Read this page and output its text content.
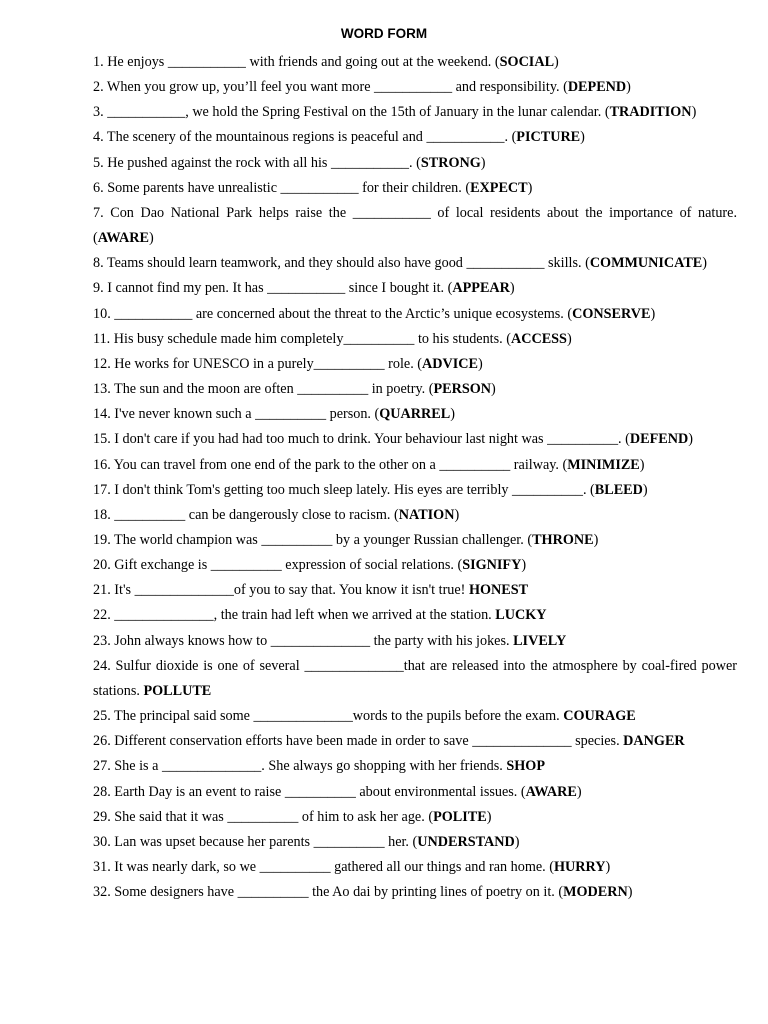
WORD FORM
1. He enjoys ___________ with friends and going out at the weekend. (SOCIAL)
2. When you grow up, you’ll feel you want more ___________ and responsibility. (DEPEND)
3. ___________, we hold the Spring Festival on the 15th of January in the lunar calendar. (TRADITION)
4. The scenery of the mountainous regions is peaceful and ___________. (PICTURE)
5. He pushed against the rock with all his ___________. (STRONG)
6. Some parents have unrealistic ___________ for their children. (EXPECT)
7. Con Dao National Park helps raise the ___________ of local residents about the importance of nature. (AWARE)
8. Teams should learn teamwork, and they should also have good ___________ skills. (COMMUNICATE)
9. I cannot find my pen. It has ___________ since I bought it. (APPEAR)
10. ___________ are concerned about the threat to the Arctic’s unique ecosystems. (CONSERVE)
11. His busy schedule made him completely__________ to his students. (ACCESS)
12. He works for UNESCO in a purely__________ role. (ADVICE)
13. The sun and the moon are often __________ in poetry. (PERSON)
14. I've never known such a __________ person. (QUARREL)
15. I don't care if you had had too much to drink. Your behaviour last night was __________. (DEFEND)
16. You can travel from one end of the park to the other on a __________ railway. (MINIMIZE)
17. I don't think Tom's getting too much sleep lately. His eyes are terribly __________. (BLEED)
18. __________ can be dangerously close to racism. (NATION)
19. The world champion was __________ by a younger Russian challenger. (THRONE)
20. Gift exchange is __________ expression of social relations. (SIGNIFY)
21. It's ______________of you to say that. You know it isn't true! HONEST
22. ______________, the train had left when we arrived at the station. LUCKY
23. John always knows how to ______________ the party with his jokes. LIVELY
24. Sulfur dioxide is one of several ______________that are released into the atmosphere by coal-fired power stations. POLLUTE
25. The principal said some ______________words to the pupils before the exam. COURAGE
26. Different conservation efforts have been made in order to save ______________ species. DANGER
27. She is a ______________. She always go shopping with her friends. SHOP
28. Earth Day is an event to raise __________ about environmental issues. (AWARE)
29. She said that it was __________ of him to ask her age. (POLITE)
30. Lan was upset because her parents __________ her. (UNDERSTAND)
31. It was nearly dark, so we __________ gathered all our things and ran home. (HURRY)
32. Some designers have __________ the Ao dai by printing lines of poetry on it. (MODERN)
